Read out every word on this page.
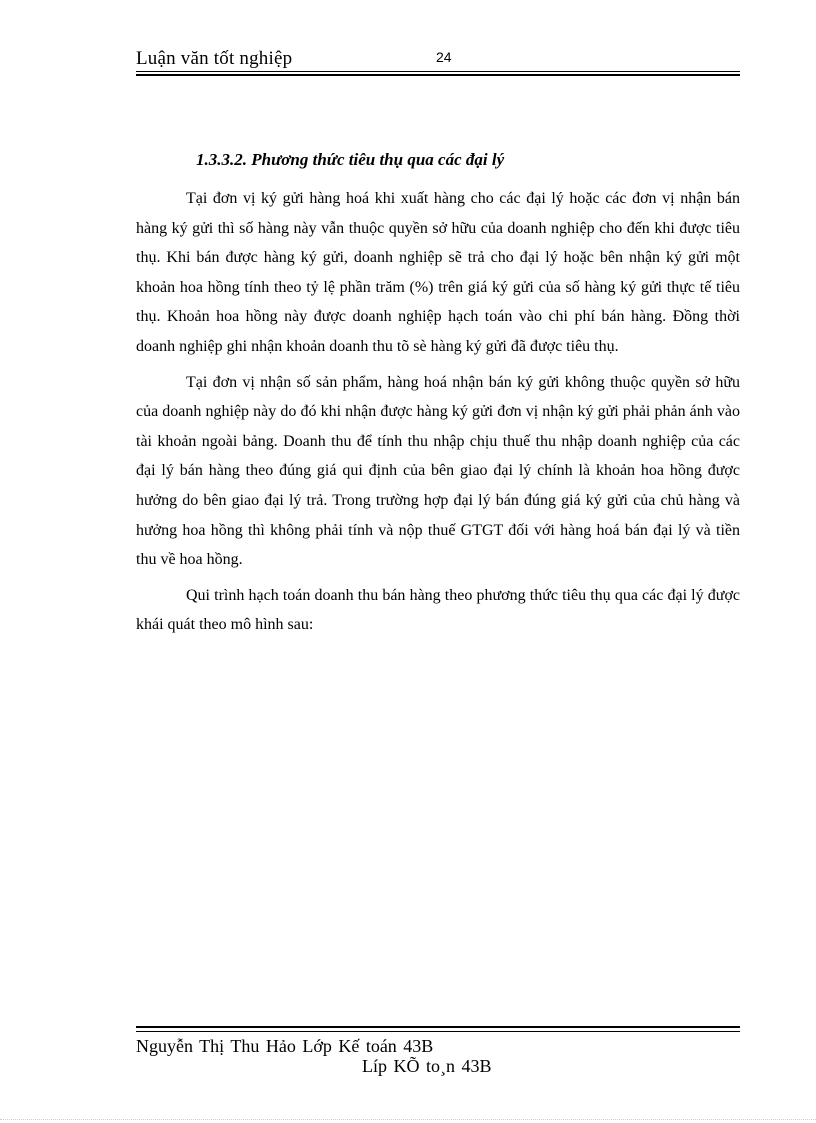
Luận văn tốt nghiệp	24
1.3.3.2. Phương thức tiêu thụ qua các đại lý

Tại đơn vị ký gửi hàng hoá khi xuất hàng cho các đại lý hoặc các đơn vị nhận bán hàng ký gửi thì số hàng này vẫn thuộc quyền sở hữu của doanh nghiệp cho đến khi được tiêu thụ. Khi bán được hàng ký gửi, doanh nghiệp sẽ trả cho đại lý hoặc bên nhận ký gửi một khoản hoa hồng tính theo tỷ lệ phần trăm (%) trên giá ký gửi của số hàng ký gửi thực tế tiêu thụ. Khoản hoa hồng này được doanh nghiệp hạch toán vào chi phí bán hàng. Đồng thời doanh nghiệp ghi nhận khoản doanh thu tõ sè hàng ký gửi đã được tiêu thụ.

Tại đơn vị nhận số sản phẩm, hàng hoá nhận bán ký gửi không thuộc quyền sở hữu của doanh nghiệp này do đó khi nhận được hàng ký gửi đơn vị nhận ký gửi phải phản ánh vào tài khoản ngoài bảng. Doanh thu để tính thu nhập chịu thuế thu nhập doanh nghiệp của các đại lý bán hàng theo đúng giá qui định của bên giao đại lý chính là khoản hoa hồng được hưởng do bên giao đại lý trả. Trong trường hợp đại lý bán đúng giá ký gửi của chủ hàng và hưởng hoa hồng thì không phải tính và nộp thuế GTGT đối với hàng hoá bán đại lý và tiền thu về hoa hồng.

Qui trình hạch toán doanh thu bán hàng theo phương thức tiêu thụ qua các đại lý được khái quát theo mô hình sau:

Nguyễn Thị Thu Hảo Lớp Kế toán 43B
Líp KÕ to¸n 43B
